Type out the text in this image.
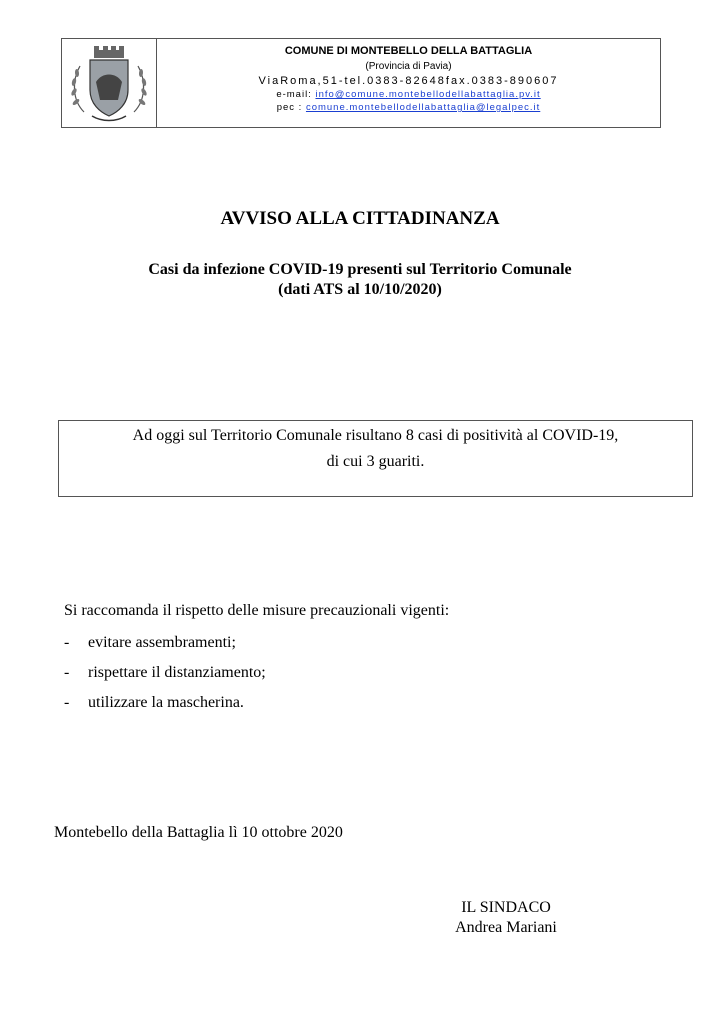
COMUNE DI MONTEBELLO DELLA BATTAGLIA
(Provincia di Pavia)
ViaRoma,51-tel.0383-82648fax.0383-890607
e-mail: info@comune.montebellodellabattaglia.pv.it
pec : comune.montebellodellabattaglia@legalpec.it
AVVISO ALLA CITTADINANZA
Casi da infezione COVID-19 presenti sul Territorio Comunale
(dati ATS al 10/10/2020)
Ad oggi sul Territorio Comunale risultano 8 casi di positività al COVID-19,
di cui 3 guariti.
Si raccomanda il rispetto delle misure precauzionali vigenti:
- evitare assembramenti;
- rispettare il distanziamento;
- utilizzare la mascherina.
Montebello della Battaglia lì 10 ottobre 2020
IL SINDACO
Andrea Mariani
